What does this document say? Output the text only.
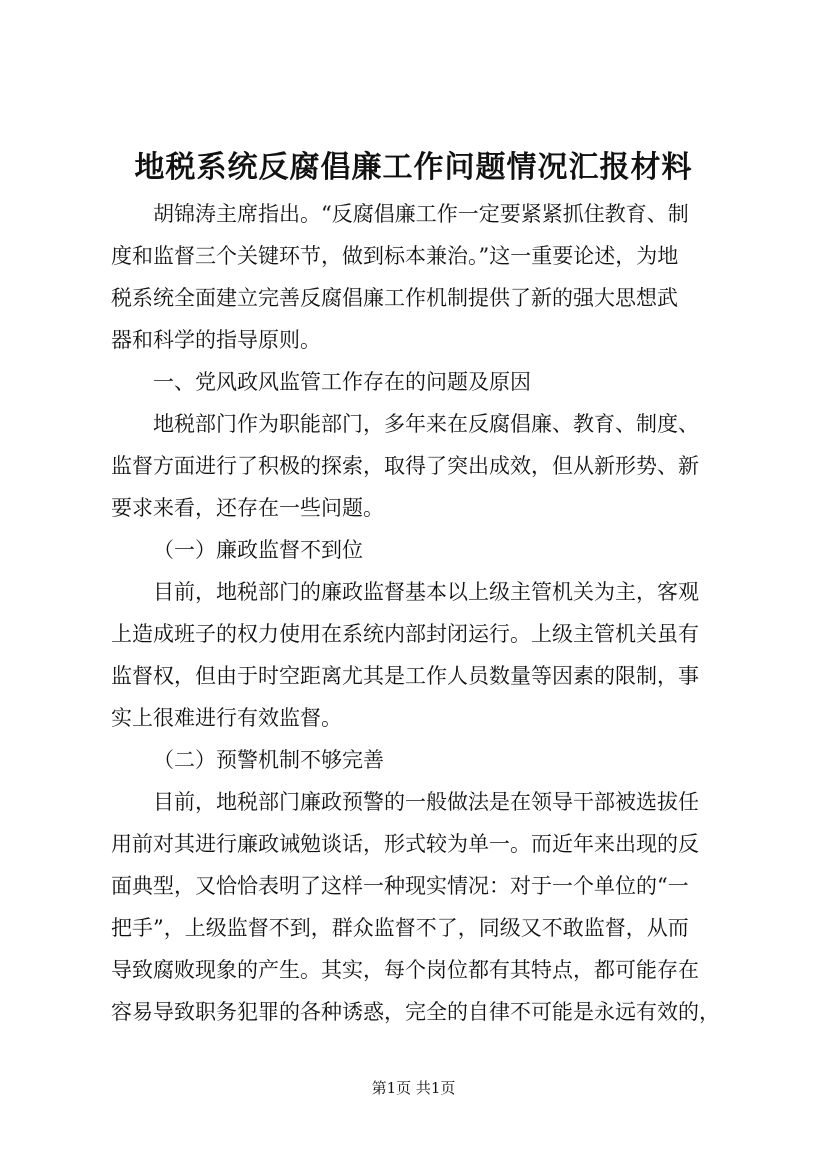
地税系统反腐倡廉工作问题情况汇报材料
胡锦涛主席指出。“反腐倡廉工作一定要紧紧抓住教育、制
度和监督三个关键环节，做到标本兼治。”这一重要论述，为地
税系统全面建立完善反腐倡廉工作机制提供了新的强大思想武
器和科学的指导原则。
一、党风政风监管工作存在的问题及原因
地税部门作为职能部门，多年来在反腐倡廉、教育、制度、
监督方面进行了积极的探索，取得了突出成效，但从新形势、新
要求来看，还存在一些问题。
（一）廉政监督不到位
目前，地税部门的廉政监督基本以上级主管机关为主，客观
上造成班子的权力使用在系统内部封闭运行。上级主管机关虽有
监督权，但由于时空距离尤其是工作人员数量等因素的限制，事
实上很难进行有效监督。
（二）预警机制不够完善
目前，地税部门廉政预警的一般做法是在领导干部被选拔任
用前对其进行廉政诫勉谈话，形式较为单一。而近年来出现的反
面典型，又恰恰表明了这样一种现实情况：对于一个单位的“一
把手”，上级监督不到，群众监督不了，同级又不敢监督，从而
导致腐败现象的产生。其实，每个岗位都有其特点，都可能存在
容易导致职务犯罪的各种诱惑，完全的自律不可能是永远有效的，
第1页 共1页
